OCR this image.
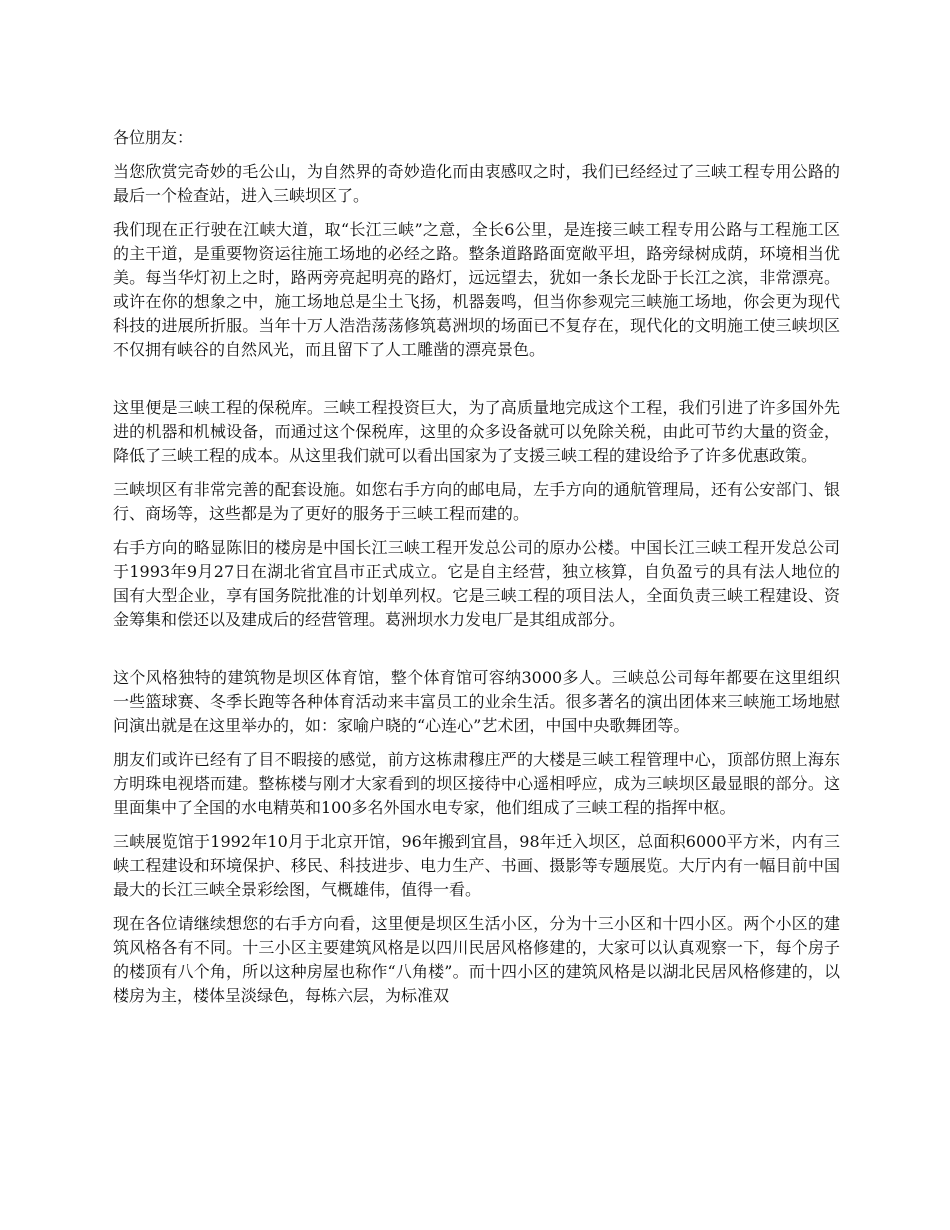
各位朋友：

当您欣赏完奇妙的毛公山，为自然界的奇妙造化而由衷感叹之时，我们已经经过了三峡工程专用公路的最后一个检查站，进入三峡坝区了。

我们现在正行驶在江峡大道，取“长江三峡”之意，全长6公里，是连接三峡工程专用公路与工程施工区的主干道，是重要物资运往施工场地的必经之路。整条道路路面宽敞平坦，路旁绿树成荫，环境相当优美。每当华灯初上之时，路两旁亮起明亮的路灯，远远望去，犹如一条长龙卧于长江之滨，非常漂亮。或许在你的想象之中，施工场地总是尘土飞扬，机器轰鸣，但当你参观完三峡施工场地，你会更为现代科技的进展所折服。当年十万人浩浩荡荡修筑葛洲坝的场面已不复存在，现代化的文明施工使三峡坝区不仅拥有峡谷的自然风光，而且留下了人工雕凿的漂亮景色。

这里便是三峡工程的保税库。三峡工程投资巨大，为了高质量地完成这个工程，我们引进了许多国外先进的机器和机械设备，而通过这个保税库，这里的众多设备就可以免除关税，由此可节约大量的资金，降低了三峡工程的成本。从这里我们就可以看出国家为了支援三峡工程的建设给予了许多优惠政策。

三峡坝区有非常完善的配套设施。如您右手方向的邮电局，左手方向的通航管理局，还有公安部门、银行、商场等，这些都是为了更好的服务于三峡工程而建的。

右手方向的略显陈旧的楼房是中国长江三峡工程开发总公司的原办公楼。中国长江三峡工程开发总公司于1993年9月27日在湖北省宜昌市正式成立。它是自主经营，独立核算，自负盈亏的具有法人地位的国有大型企业，享有国务院批准的计划单列权。它是三峡工程的项目法人，全面负责三峡工程建设、资金筹集和偿还以及建成后的经营管理。葛洲坝水力发电厂是其组成部分。

这个风格独特的建筑物是坝区体育馆，整个体育馆可容纳3000多人。三峡总公司每年都要在这里组织一些篮球赛、冬季长跑等各种体育活动来丰富员工的业余生活。很多著名的演出团体来三峡施工场地慰问演出就是在这里举办的，如：家喻户晓的“心连心”艺术团，中国中央歌舞团等。

朋友们或许已经有了目不暇接的感觉，前方这栋肃穆庄严的大楼是三峡工程管理中心，顶部仿照上海东方明珠电视塔而建。整栋楼与刚才大家看到的坝区接待中心遥相呼应，成为三峡坝区最显眼的部分。这里面集中了全国的水电精英和100多名外国水电专家，他们组成了三峡工程的指挥中枢。

三峡展览馆于1992年10月于北京开馆，96年搬到宜昌，98年迁入坝区，总面积6000平方米，内有三峡工程建设和环境保护、移民、科技进步、电力生产、书画、摄影等专题展览。大厅内有一幅目前中国最大的长江三峡全景彩绘图，气概雄伟，值得一看。

现在各位请继续想您的右手方向看，这里便是坝区生活小区，分为十三小区和十四小区。两个小区的建筑风格各有不同。十三小区主要建筑风格是以四川民居风格修建的，大家可以认真观察一下，每个房子的楼顶有八个角，所以这种房屋也称作“八角楼”。而十四小区的建筑风格是以湖北民居风格修建的，以楼房为主，楼体呈淡绿色，每栋六层，为标准双
